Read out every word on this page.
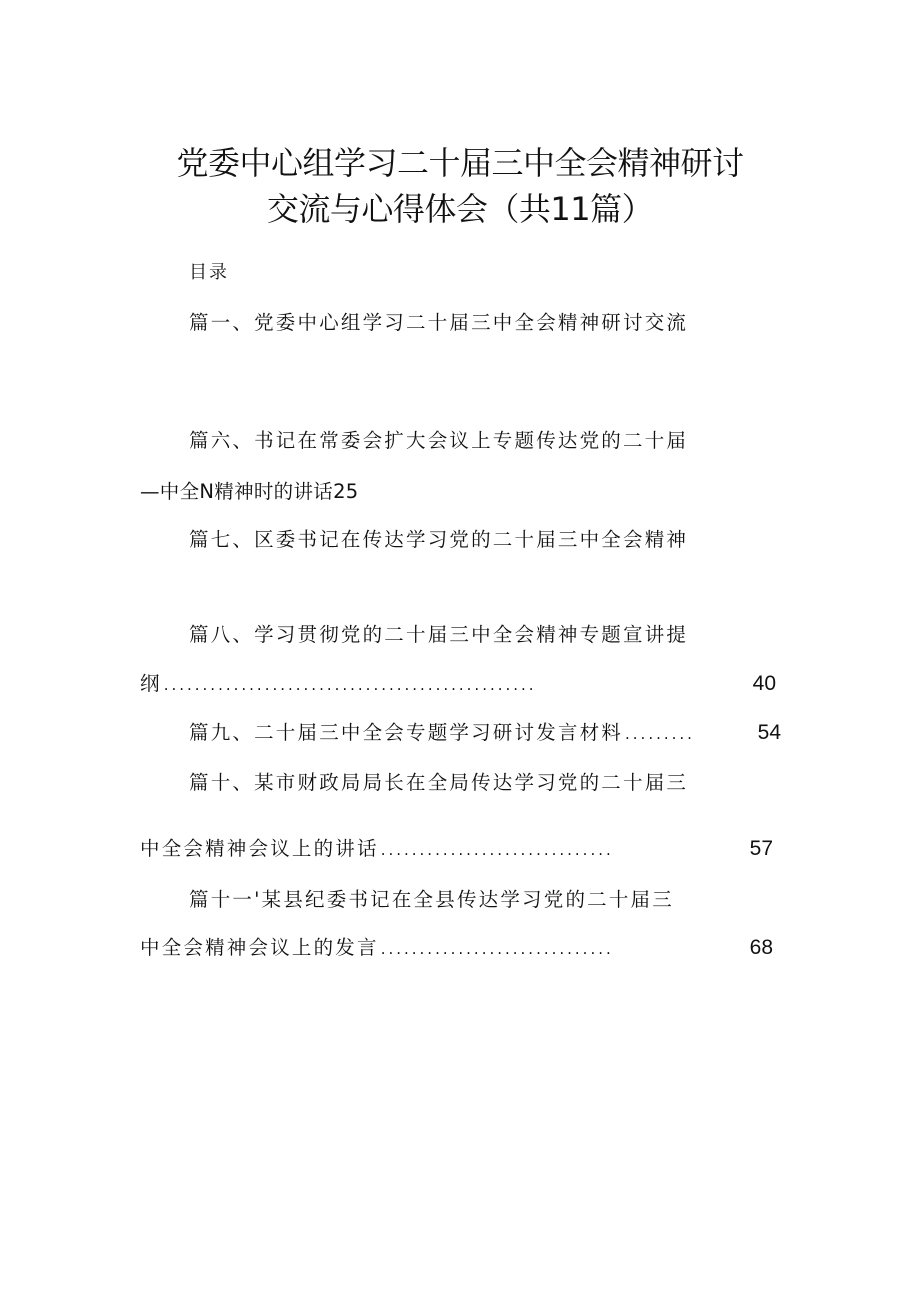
党委中心组学习二十届三中全会精神研讨
交流与心得体会（共11篇）
目录
篇一、党委中心组学习二十届三中全会精神研讨交流
篇六、书记在常委会扩大会议上专题传达党的二十届
—中全N精神时的讲话25
篇七、区委书记在传达学习党的二十届三中全会精神
篇八、学习贯彻党的二十届三中全会精神专题宣讲提
纲 ................................................	40
篇九、二十届三中全会专题学习研讨发言材料 .........	54
篇十、某市财政局局长在全局传达学习党的二十届三
中全会精神会议上的讲话 ..............................	57
篇十一'某县纪委书记在全县传达学习党的二十届三
中全会精神会议上的发言 ..............................	68
